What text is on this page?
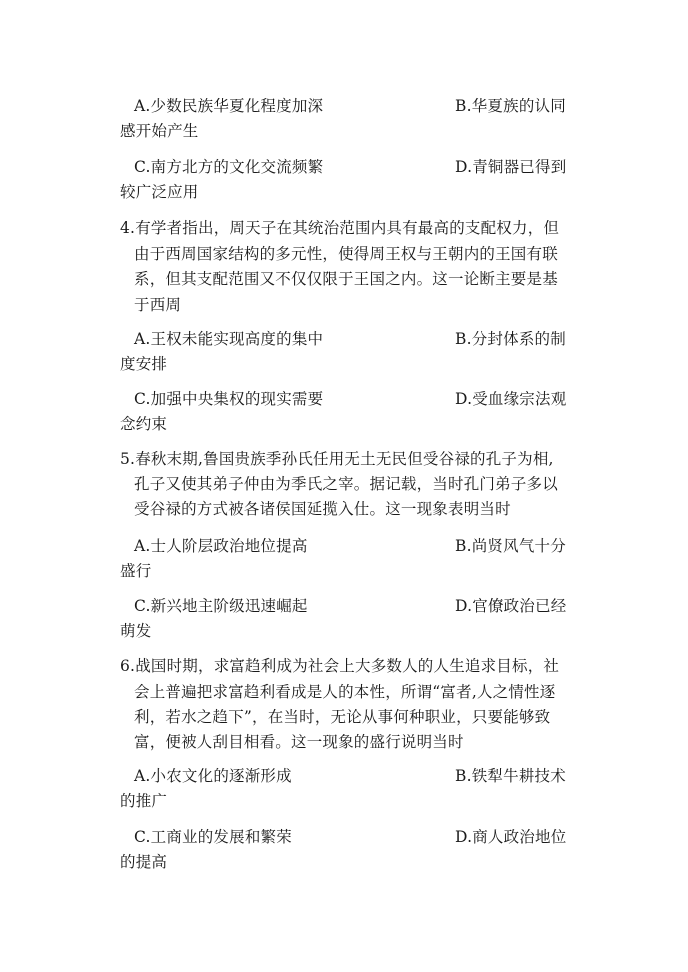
A.少数民族华夏化程度加深	B.华夏族的认同
感开始产生
C.南方北方的文化交流频繁	D.青铜器已得到
较广泛应用
4.有学者指出，周天子在其统治范围内具有最高的支配权力，但
由于西周国家结构的多元性，使得周王权与王朝内的王国有联
系，但其支配范围又不仅仅限于王国之内。这一论断主要是基
于西周
A.王权未能实现高度的集中	B.分封体系的制
度安排
C.加强中央集权的现实需要	D.受血缘宗法观
念约束
5.春秋末期,鲁国贵族季孙氏任用无土无民但受谷禄的孔子为相,
孔子又使其弟子仲由为季氏之宰。据记载，当时孔门弟子多以
受谷禄的方式被各诸侯国延揽入仕。这一现象表明当时
A.士人阶层政治地位提高	B.尚贤风气十分
盛行
C.新兴地主阶级迅速崛起	D.官僚政治已经
萌发
6.战国时期，求富趋利成为社会上大多数人的人生追求目标，社
会上普遍把求富趋利看成是人的本性，所谓“富者,人之情性逐
利，若水之趋下”，在当时，无论从事何种职业，只要能够致
富，便被人刮目相看。这一现象的盛行说明当时
A.小农文化的逐渐形成	B.铁犁牛耕技术
的推广
C.工商业的发展和繁荣	D.商人政治地位
的提高
